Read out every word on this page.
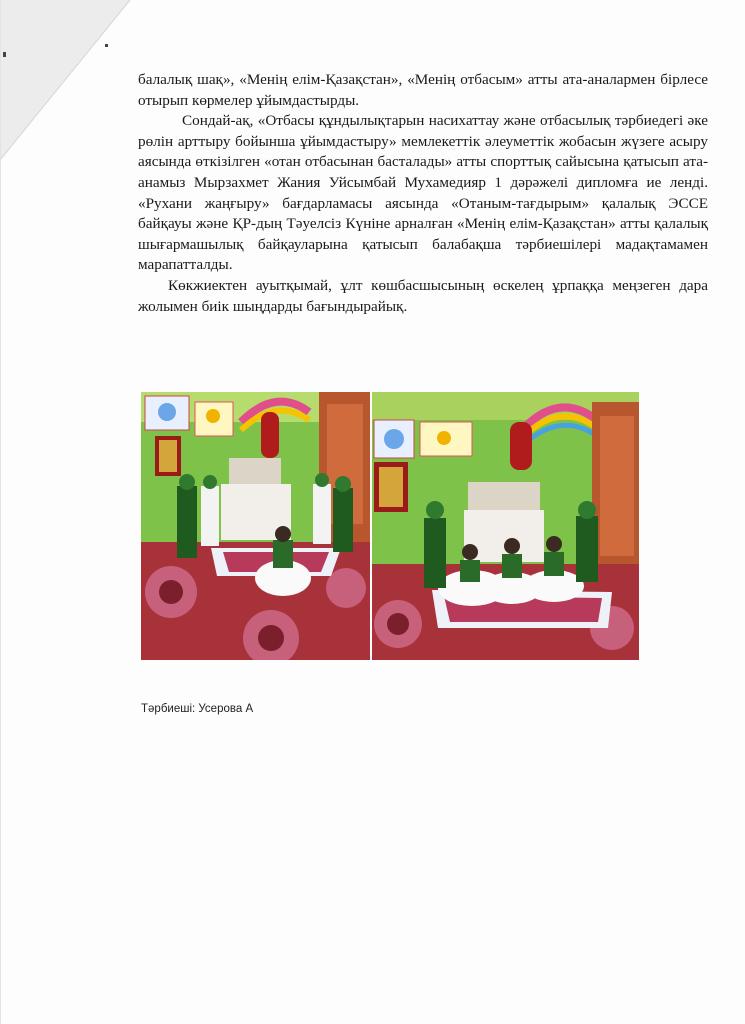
балалық шақ», «Менің елім-Қазақстан», «Менің отбасым» атты ата-аналармен бірлесе отырып көрмелер ұйымдастырды.

Сондай-ақ, «Отбасы құндылықтарын насихаттау және отбасылық тәрбиедегі әке рөлін арттыру бойынша ұйымдастыру» мемлекеттік әлеуметтік жобасын жүзеге асыру аясында өткізілген «отан отбасынан басталады» атты спорттық сайысына қатысып ата-анамыз Мырзахмет Жания Уйсымбай Мухамедияр 1 дәрәжелі дипломға ие ленді. «Рухани жаңғыру» бағдарламасы аясында «Отаным-тағдырым» қалалық ЭССЕ байқауы және ҚР-дың Тәуелсіз Күніне арналған «Менің елім-Қазақстан» атты қалалық шығармашылық байқауларына қатысып балабақша тәрбиешілері мадақтамамен марапатталды.

Көкжиектен ауытқымай, ұлт көшбасшысының өскелең ұрпаққа меңзеген дара жолымен биік шыңдарды бағындырайық.

Тәрбиеші: Усерова А
